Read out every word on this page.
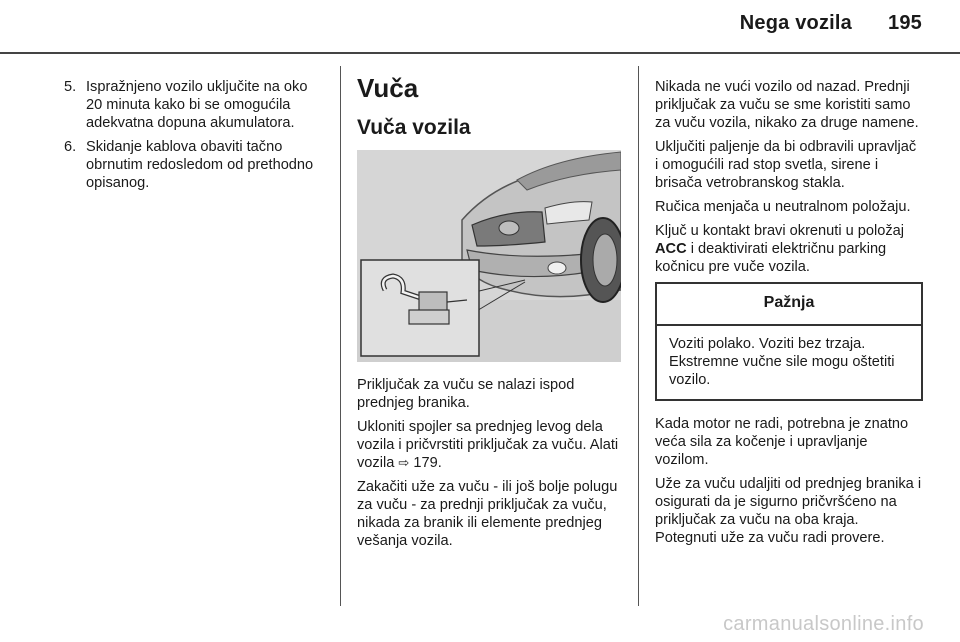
Nega vozila 195
5. Ispražnjeno vozilo uključite na oko 20 minuta kako bi se omogućila adekvatna dopuna akumulatora.
6. Skidanje kablova obaviti tačno obrnutim redosledom od prethodno opisanog.
Vuča
Vuča vozila

Priključak za vuču se nalazi ispod prednjeg branika.

Ukloniti spojler sa prednjeg levog dela vozila i pričvrstiti priključak za vuču. Alati vozila ⇨ 179.

Zakačiti uže za vuču - ili još bolje polugu za vuču - za prednji priključak za vuču, nikada za branik ili elemente prednjeg vešanja vozila.

Nikada ne vući vozilo od nazad. Prednji priključak za vuču se sme koristiti samo za vuču vozila, nikako za druge namene.

Uključiti paljenje da bi odbravili upravljač i omogućili rad stop svetla, sirene i brisača vetrobranskog stakla.

Ručica menjača u neutralnom položaju.

Ključ u kontakt bravi okrenuti u položaj ACC i deaktivirati električnu parking kočnicu pre vuče vozila.

Pažnja
Voziti polako. Voziti bez trzaja. Ekstremne vučne sile mogu oštetiti vozilo.

Kada motor ne radi, potrebna je znatno veća sila za kočenje i upravljanje vozilom.

Uže za vuču udaljiti od prednjeg branika i osigurati da je sigurno pričvršćeno na priključak za vuču na oba kraja. Potegnuti uže za vuču radi provere.

carmanualsonline.info
